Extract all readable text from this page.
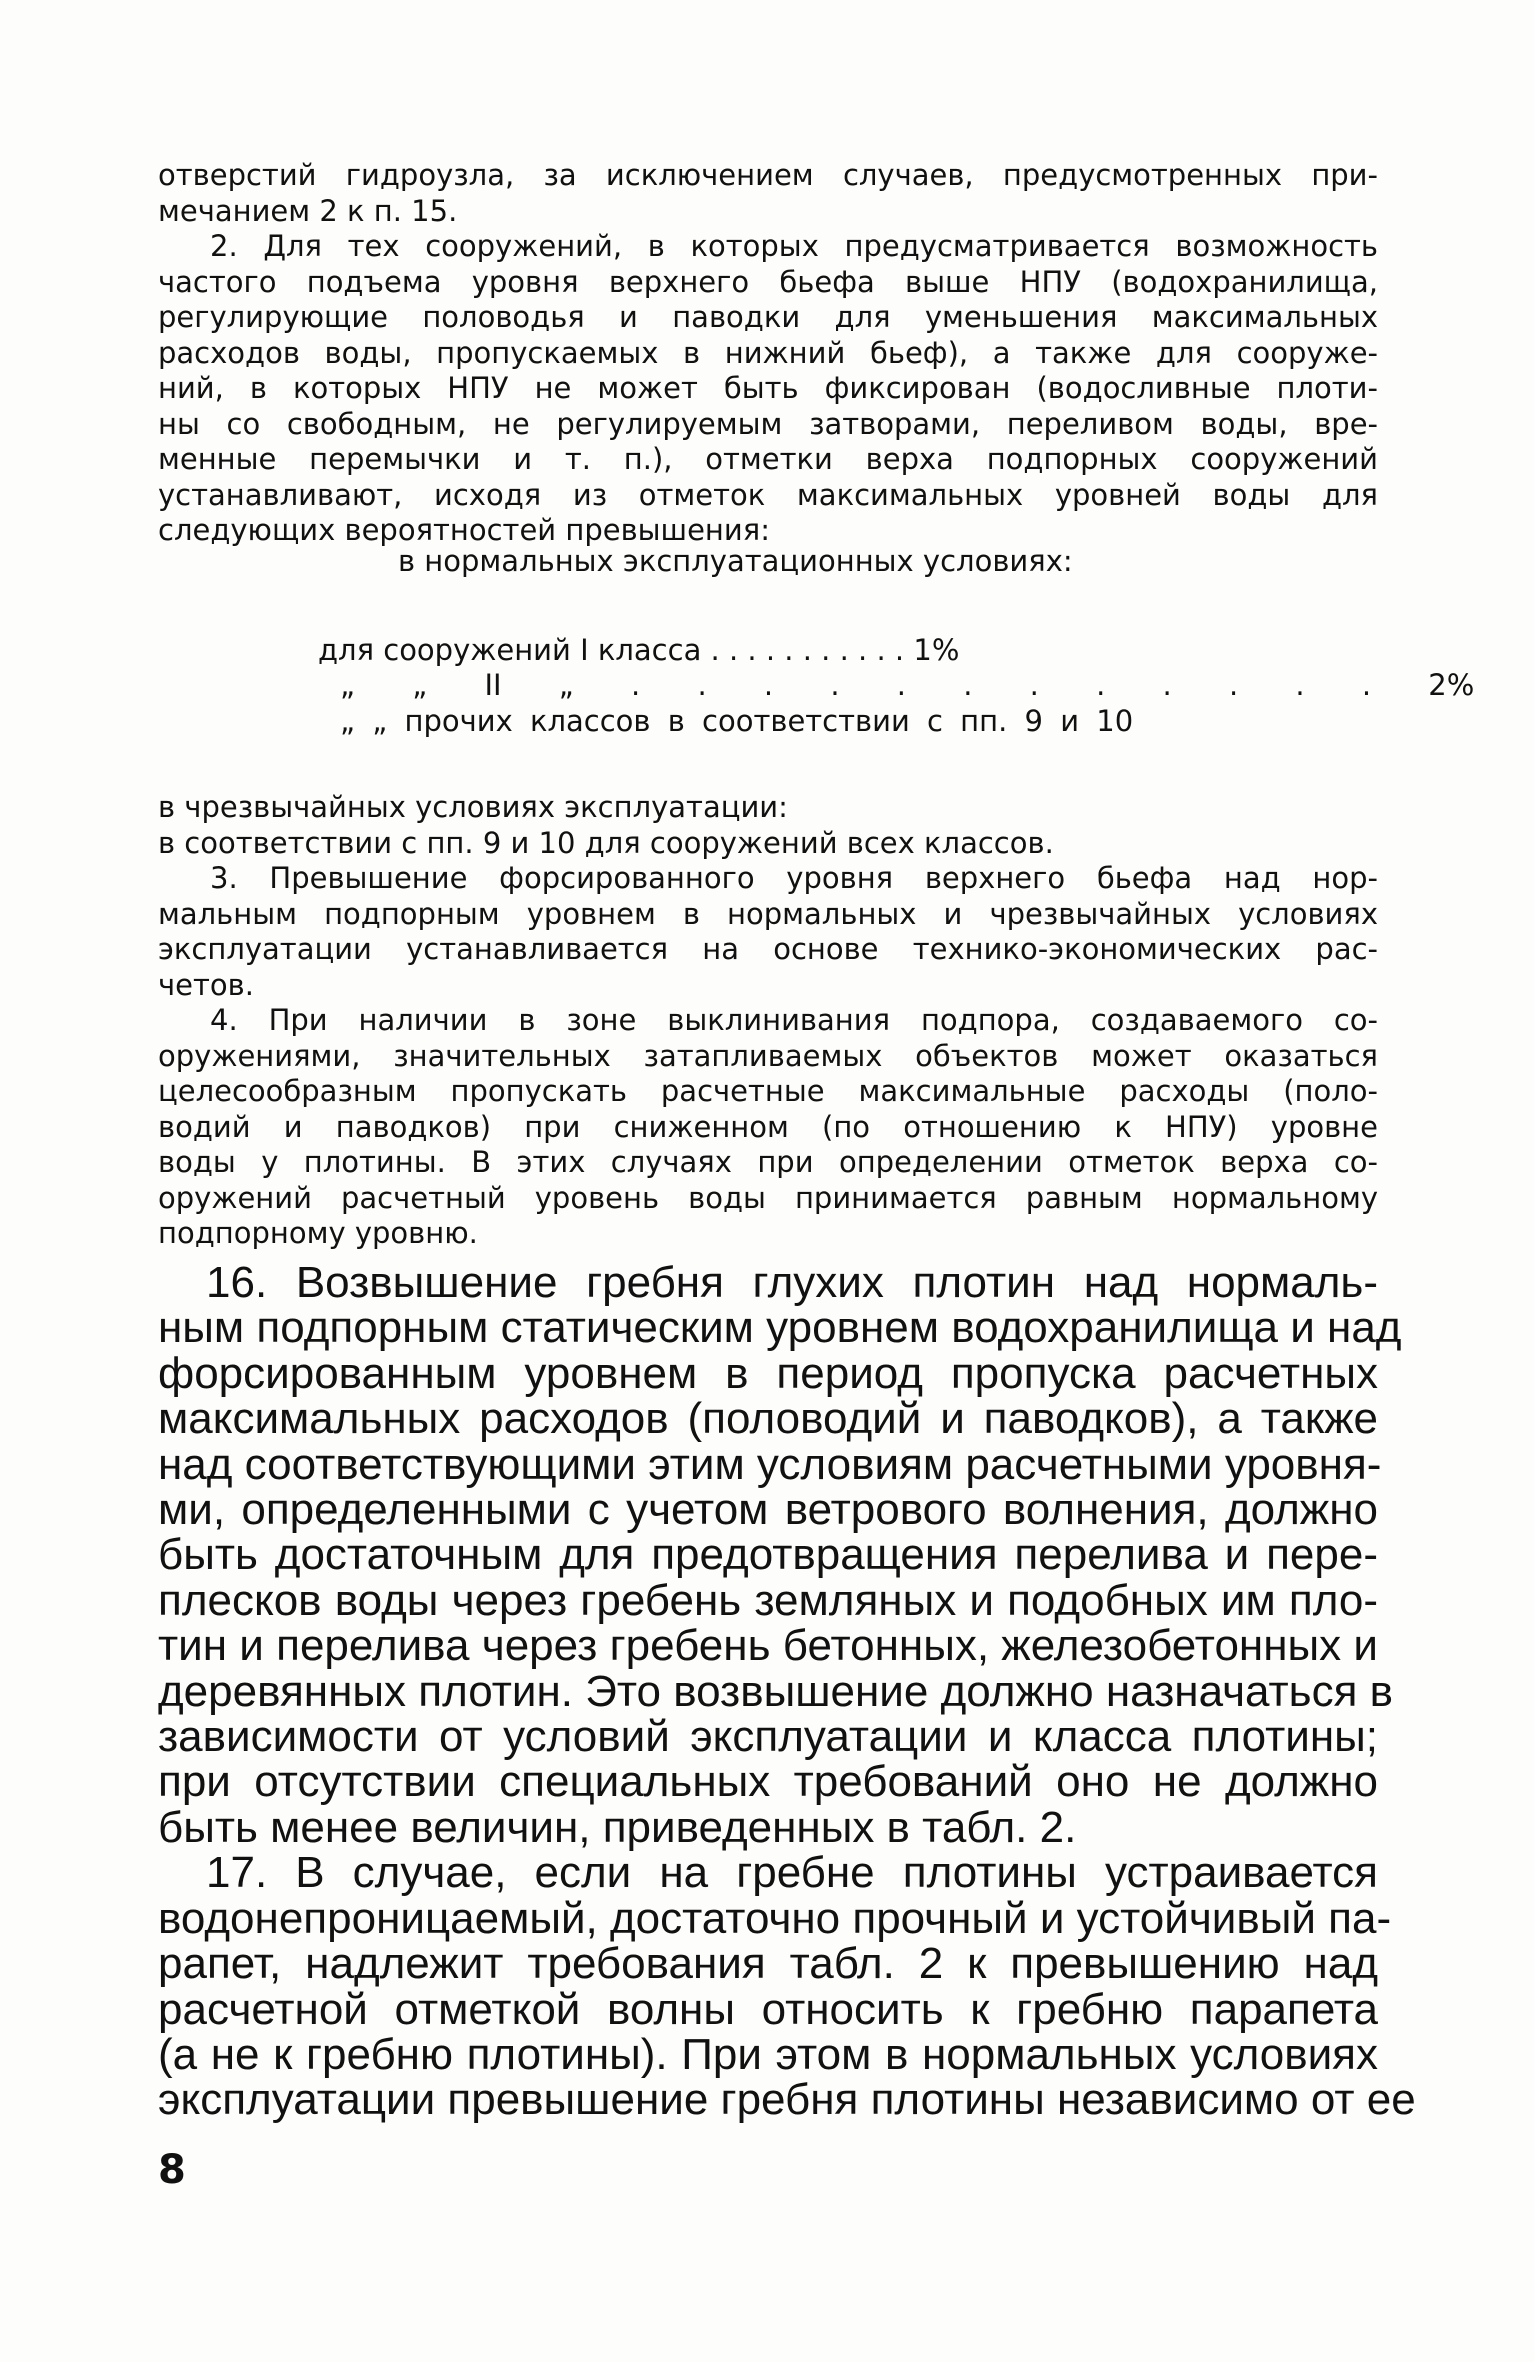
отверстий гидроузла, за исключением случаев, предусмотренных при-
мечанием 2 к п. 15.
2. Для тех сооружений, в которых предусматривается возможность
частого подъема уровня верхнего бьефа выше НПУ (водохранилища,
регулирующие половодья и паводки для уменьшения максимальных
расходов воды, пропускаемых в нижний бьеф), а также для сооруже-
ний, в которых НПУ не может быть фиксирован (водосливные плоти-
ны со свободным, не регулируемым затворами, переливом воды, вре-
менные перемычки и т. п.), отметки верха подпорных сооружений
устанавливают, исходя из отметок максимальных уровней воды для
следующих вероятностей превышения:
в нормальных эксплуатационных условиях:
для сооружений I класса . . . . . . . . . . . 1%
„ „ II „ . . . . . . . . . . . . 2%
„ „ прочих классов в соответствии с пп. 9 и 10
в чрезвычайных условиях эксплуатации:
в соответствии с пп. 9 и 10 для сооружений всех классов.
3. Превышение форсированного уровня верхнего бьефа над нор-
мальным подпорным уровнем в нормальных и чрезвычайных условиях
эксплуатации устанавливается на основе технико-экономических рас-
четов.
4. При наличии в зоне выклинивания подпора, создаваемого со-
оружениями, значительных затапливаемых объектов может оказаться
целесообразным пропускать расчетные максимальные расходы (поло-
водий и паводков) при сниженном (по отношению к НПУ) уровне
воды у плотины. В этих случаях при определении отметок верха со-
оружений расчетный уровень воды принимается равным нормальному
подпорному уровню.
16. Возвышение гребня глухих плотин над нормаль-
ным подпорным статическим уровнем водохранилища и над
форсированным уровнем в период пропуска расчетных
максимальных расходов (половодий и паводков), а также
над соответствующими этим условиям расчетными уровня-
ми, определенными с учетом ветрового волнения, должно
быть достаточным для предотвращения перелива и пере-
плесков воды через гребень земляных и подобных им пло-
тин и перелива через гребень бетонных, железобетонных и
деревянных плотин. Это возвышение должно назначаться в
зависимости от условий эксплуатации и класса плотины;
при отсутствии специальных требований оно не должно
быть менее величин, приведенных в табл. 2.
17. В случае, если на гребне плотины устраивается
водонепроницаемый, достаточно прочный и устойчивый па-
рапет, надлежит требования табл. 2 к превышению над
расчетной отметкой волны относить к гребню парапета
(а не к гребню плотины). При этом в нормальных условиях
эксплуатации превышение гребня плотины независимо от ее
8
